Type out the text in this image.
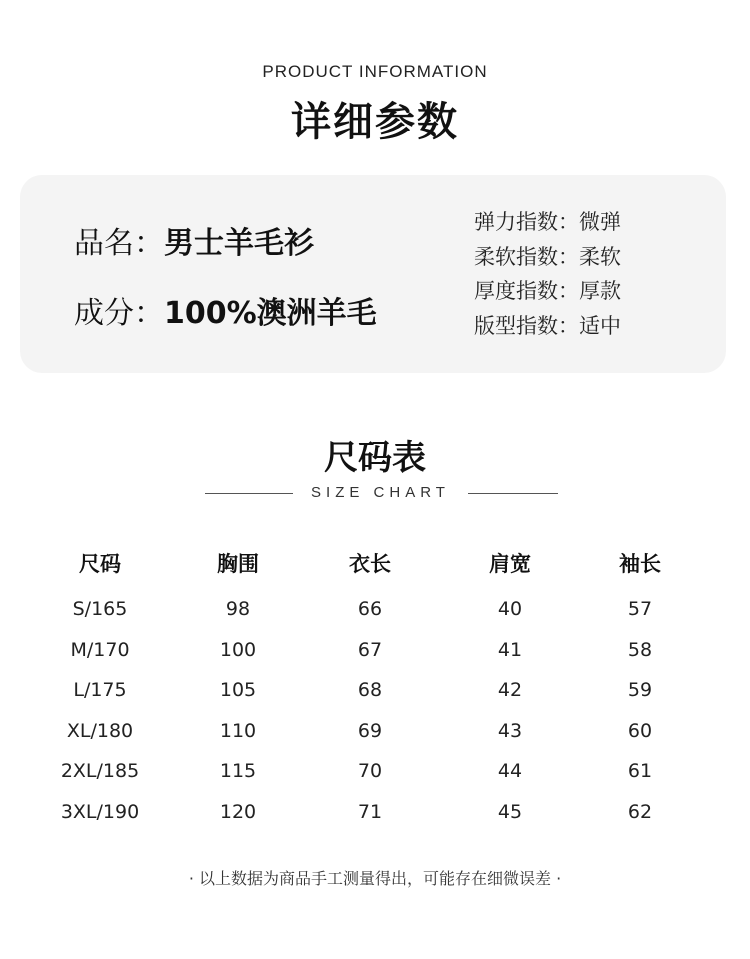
PRODUCT INFORMATION
详细参数
品名：男士羊毛衫
成分：100%澳洲羊毛
弹力指数：微弹
柔软指数：柔软
厚度指数：厚款
版型指数：适中
尺码表
SIZE CHART
尺码	胸围	衣长	肩宽	袖长
S/165	98	66	40	57
M/170	100	67	41	58
L/175	105	68	42	59
XL/180	110	69	43	60
2XL/185	115	70	44	61
3XL/190	120	71	45	62
· 以上数据为商品手工测量得出，可能存在细微误差 ·
